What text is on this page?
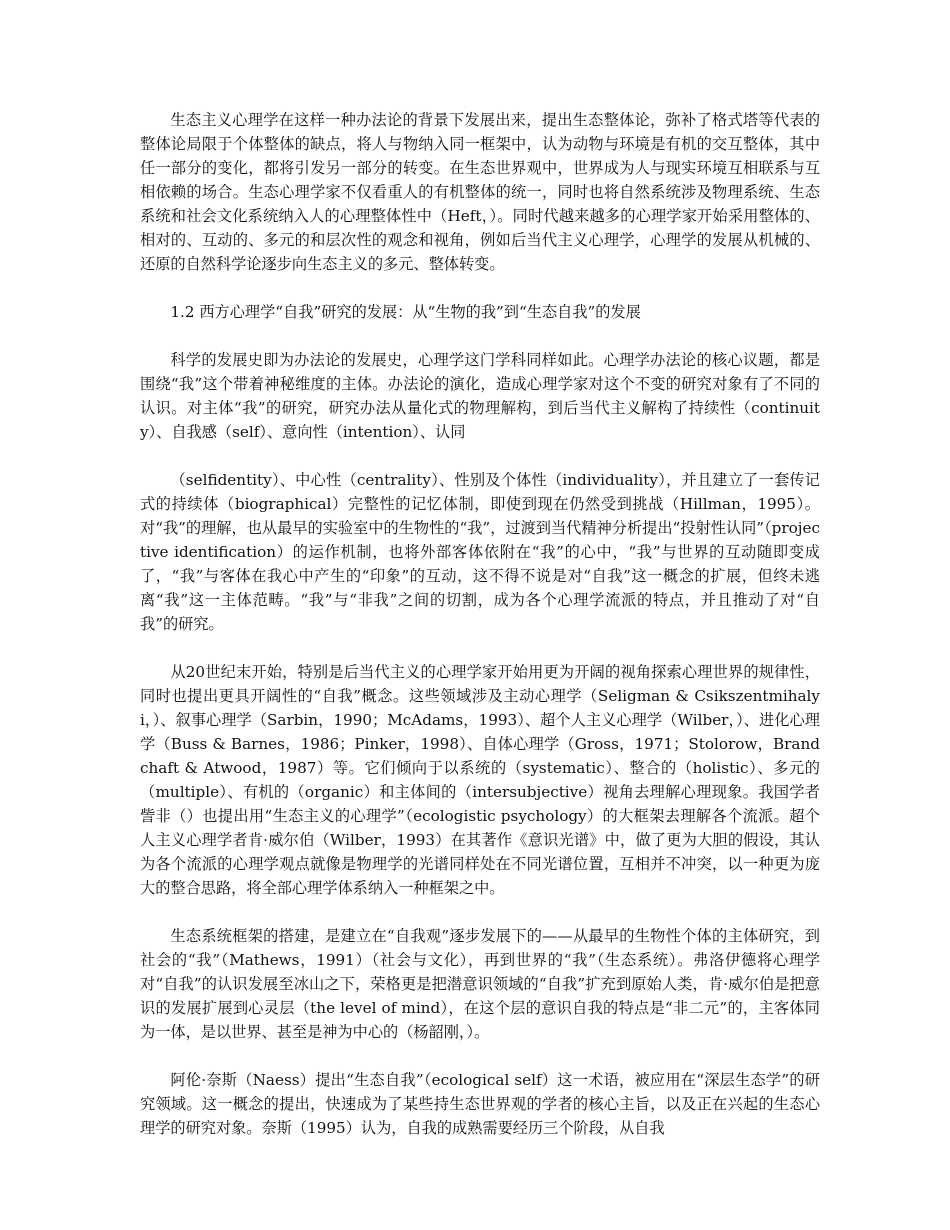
生态主义心理学在这样一种办法论的背景下发展出来，提出生态整体论，弥补了格式塔等代表的整体论局限于个体整体的缺点，将人与物纳入同一框架中，认为动物与环境是有机的交互整体，其中任一部分的变化，都将引发另一部分的转变。在生态世界观中，世界成为人与现实环境互相联系与互相依赖的场合。生态心理学家不仅看重人的有机整体的统一，同时也将自然系统涉及物理系统、生态系统和社会文化系统纳入人的心理整体性中（Heft，）。同时代越来越多的心理学家开始采用整体的、相对的、互动的、多元的和层次性的观念和视角，例如后当代主义心理学，心理学的发展从机械的、还原的自然科学论逐步向生态主义的多元、整体转变。

1.2 西方心理学“自我”研究的发展：从“生物的我”到“生态自我”的发展

科学的发展史即为办法论的发展史，心理学这门学科同样如此。心理学办法论的核心议题，都是围绕“我”这个带着神秘维度的主体。办法论的演化，造成心理学家对这个不变的研究对象有了不同的认识。对主体“我”的研究，研究办法从量化式的物理解构，到后当代主义解构了持续性（continuity）、自我感（self）、意向性（intention）、认同

（selfidentity）、中心性（centrality）、性别及个体性（individuality），并且建立了一套传记式的持续体（biographical）完整性的记忆体制，即使到现在仍然受到挑战（Hillman，1995）。对“我”的理解，也从最早的实验室中的生物性的“我”，过渡到当代精神分析提出“投射性认同”（projective identification）的运作机制，也将外部客体依附在“我”的心中，“我”与世界的互动随即变成了，“我”与客体在我心中产生的“印象”的互动，这不得不说是对“自我”这一概念的扩展，但终未逃离“我”这一主体范畴。“我”与“非我”之间的切割，成为各个心理学流派的特点，并且推动了对“自我”的研究。

从20世纪末开始，特别是后当代主义的心理学家开始用更为开阔的视角探索心理世界的规律性，同时也提出更具开阔性的“自我”概念。这些领域涉及主动心理学（Seligman & Csikszentmihalyi，）、叙事心理学（Sarbin，1990；McAdams，1993）、超个人主义心理学（Wilber，）、进化心理学（Buss & Barnes，1986；Pinker，1998）、自体心理学（Gross，1971；Stolorow，Brandchaft & Atwood，1987）等。它们倾向于以系统的（systematic）、整合的（holistic）、多元的（multiple）、有机的（organic）和主体间的（intersubjective）视角去理解心理现象。我国学者訾非（）也提出用“生态主义的心理学”（ecologistic psychology）的大框架去理解各个流派。超个人主义心理学者肯·威尔伯（Wilber，1993）在其著作《意识光谱》中，做了更为大胆的假设，其认为各个流派的心理学观点就像是物理学的光谱同样处在不同光谱位置，互相并不冲突，以一种更为庞大的整合思路，将全部心理学体系纳入一种框架之中。

生态系统框架的搭建，是建立在“自我观”逐步发展下的——从最早的生物性个体的主体研究，到社会的“我”（Mathews，1991）（社会与文化），再到世界的“我”（生态系统）。弗洛伊德将心理学对“自我”的认识发展至冰山之下，荣格更是把潜意识领域的“自我”扩充到原始人类，肯·威尔伯是把意识的发展扩展到心灵层（the level of mind），在这个层的意识自我的特点是“非二元”的，主客体同为一体，是以世界、甚至是神为中心的（杨韶刚，）。

阿伦·奈斯（Naess）提出“生态自我”（ecological self）这一术语，被应用在“深层生态学”的研究领域。这一概念的提出，快速成为了某些持生态世界观的学者的核心主旨，以及正在兴起的生态心理学的研究对象。奈斯（1995）认为，自我的成熟需要经历三个阶段，从自我
